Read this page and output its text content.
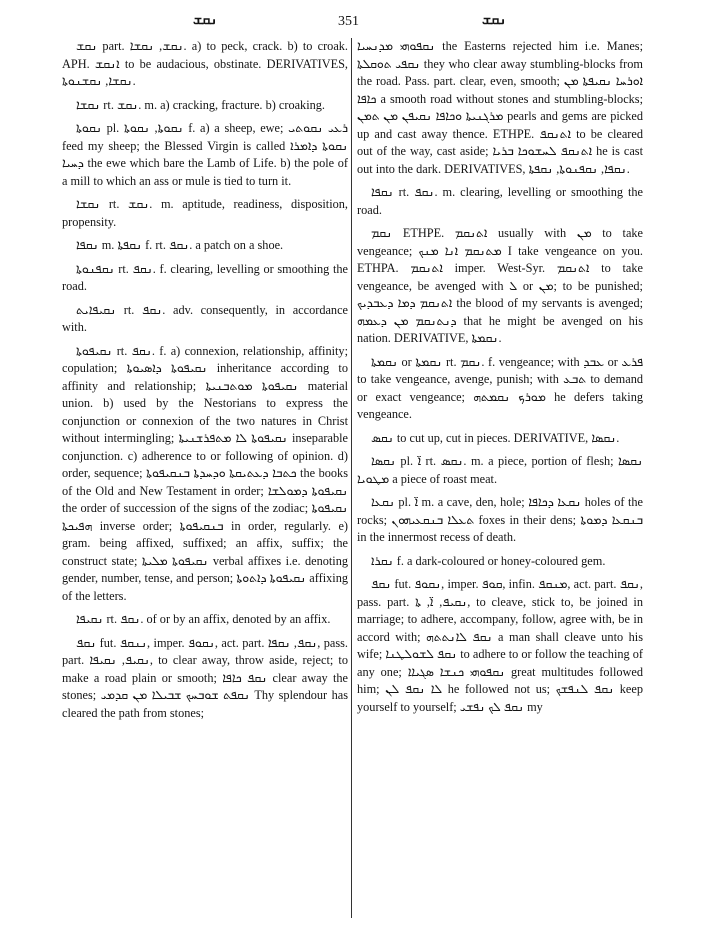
ܢܩܫ	351	ܢܩܫ

ܢܩܫ part. ܢܩܫ, ܢܩܫܐ. a) to peck, crack. b) to croak. APH. ܐܢܩܫ to be audacious, obstinate. DERIVATIVES, ܢܩܫܐ, ܢܩܫܢܘܬܐ.

ܢܩܫܐ rt. ܢܩܫ. m. a) cracking, fracture. b) croaking.

ܢܩܘܬܐ pl. ܢܩܘܬܐ, ܢܩܘܬܐ f. a) a sheep, ewe; ܪܥܝ ܢܩܘܬܝ feed my sheep; the Blessed Virgin is called ܢܩܘܬܐ ܕܐܡܪܐ ܕܚܝܐ the ewe which bare the Lamb of Life. b) the pole of a mill to which an ass or mule is tied to turn it.

ܢܩܫܐ rt. ܢܩܫ. m. aptitude, readiness, disposition, propensity.

ܢܩܦܐ m. ܢܩܦܬܐ f. rt. ܢܩܦ. a patch on a shoe.

ܢܩܦܢܘܬܐ rt. ܢܩܦ. f. clearing, levelling or smoothing the road.

ܢܩܝܦܐܝܬ rt. ܢܩܦ. adv. consequently, in accordance with.

ܢܩܝܦܘܬܐ rt. ܢܩܦ. f. a) connexion, relationship, affinity; copulation; ܢܩܝܦܘܬܐ ܕܐܣܝܘܬܐ inheritance according to affinity and relationship; ܢܩܝܦܘܬܐ ܡܘܬܒܢܝܬܐ material union. b) used by the Nestorians to express the conjunction or connexion of the two natures in Christ without intermingling; ܢܩܝܦܘܬܐ ܠܐ ܡܬܦܪܫܢܝܬܐ inseparable conjunction. c) adherence to or following of opinion. d) order, sequence; ܟܬܒܐ ܕܥܬܝܩܬܐ ܘܕܚܕܬܐ ܒܢܩܝܦܘܬܐ the books of the Old and New Testament in order; ܢܩܝܦܘܬܐ ܕܡܘܠܫܐ the order of succession of the signs of the zodiac; ܢܩܝܦܘܬܐ ܗܦܝܟܬܐ inverse order; ܒܢܩܝܦܘܬܐ in order, regularly. e) gram. being affixed, suffixed; an affix, suffix; the construct state; ܢܩܝܦܘܬܐ ܡܠܝܬܐ verbal affixes i.e. denoting gender, number, tense, and person; ܢܩܝܦܘܬܐ ܕܐܬܘܬܐ affixing of the letters.

ܢܩܝܦܐ rt. ܢܩܦ. of or by an affix, denoted by an affix.

ܢܩܦ fut. ܢܢܩܦ, imper. ܢܩܘܦ, act. part. ܢܩܦ, ܢܩܦܐ, pass. part. ܢܩܝܦ, ܢܩܝܦܐ, to clear away, throw aside, reject; to make a road plain or smooth; ܢܩܦ ܟܐܦܐ clear away the stones; ܢܩܦܬ ܫܘܒܚܟ ܫܒܝܠܐ ܡܢ ܩܕܡܝ Thy splendour has cleared the path from stones;

ܢܩܦܘܗܝ ܡܕܢܚܝܐ the Easterns rejected him i.e. Manes; ܢܩܦܝ ܬܘܩܠܬܐ they who clear away stumbling-blocks from the road. Pass. part. clear, even, smooth; ܐܘܪܚܐ ܢܩܝܦܬܐ ܡܢ ܟܐܦܐ a smooth road without stones and stumbling-blocks; ܡܪܓܢܝܬܐ ܘܟܐܦܐ ܢܩܝܦܢ ܡܢ ܬܡܢ pearls and gems are picked up and cast away thence. ETHPE. ܐܬܢܩܦ to be cleared out of the way, cast aside; ܐܬܢܩܦ ܠܚܫܘܟܐ ܒܪܝܐ he is cast out into the dark. DERIVATIVES, ܢܩܦܐ, ܢܩܦܢܘܬܐ, ܢܩܦܬܐ.

ܢܩܦܐ rt. ܢܩܦ. m. clearing, levelling or smoothing the road.

ܢܩܡ ETHPE. ܐܬܢܩܡ usually with ܡܢ to take vengeance; ܡܬܢܩܡ ܐܢܐ ܡܢܟ I take vengeance on you. ETHPA. ܐܬܢܩܡ imper. West-Syr. ܐܬܢܩܡ to take vengeance, be avenged with ܠ or ܡܢ; to be punished; ܐܬܢܩܡ ܕܡܐ ܕܥܒܕܝܟ the blood of my servants is avenged; ܕܢܬܢܩܡ ܡܢ ܕܥܡܗ that he might be avenged on his nation. DERIVATIVE, ܢܩܡܬܐ.

ܢܩܡܬܐ or ܢܩܡܬܐ rt. ܢܩܡ. f. vengeance; with ܥܒܕ or ܦܪܥ to take vengeance, avenge, punish; with ܬܒܥ to demand or exact vengeance; ܡܘܪܟ ܢܩܡܬܗ he defers taking vengeance.

ܢܩܣ to cut up, cut in pieces. DERIVATIVE, ܢܩܣܐ.

ܢܩܣܐ pl. ܐ̈ rt. ܢܩܣ. m. a piece, portion of flesh; ܢܩܣܐ ܡܛܘܝܐ a piece of roast meat.

ܢܩܥܐ pl. ܐ̈ m. a cave, den, hole; ܢܩܥܐ ܕܟܐܦܐ holes of the rocks; ܬܥܠܐ ܒܢܩܥܝܗܘܢ foxes in their dens; ܒܢܩܥܐ ܕܡܘܬܐ in the innermost recess of death.

ܢܩܪܐ f. a dark-coloured or honey-coloured gem.

ܢܩܦ fut. ܢܩܘܦ, imper. ܩܘܦ, infin. ܡܢܩܦ, act. part. ܢܩܦ, pass. part. ܢܩܝܦ, ܐ̈, ܬܐ, to cleave, stick to, be joined in marriage; to adhere, accompany, follow, agree with, be in accord with; ܢܩܦ ܠܐܢܬܬܗ a man shall cleave unto his wife; ܢܩܦ ܠܫܘܠܛܢܐ to adhere to or follow the teaching of any one; ܢܩܦܘܗܝ ܟܢܫܐ ܣܓܝܐܐ great multitudes followed him; ܠܐ ܢܩܦ ܠܢ he followed not us; ܢܩܦ ܠܢܦܫܟ keep yourself to yourself; ܢܩܦ ܠܟ ܢܦܫܝ my
